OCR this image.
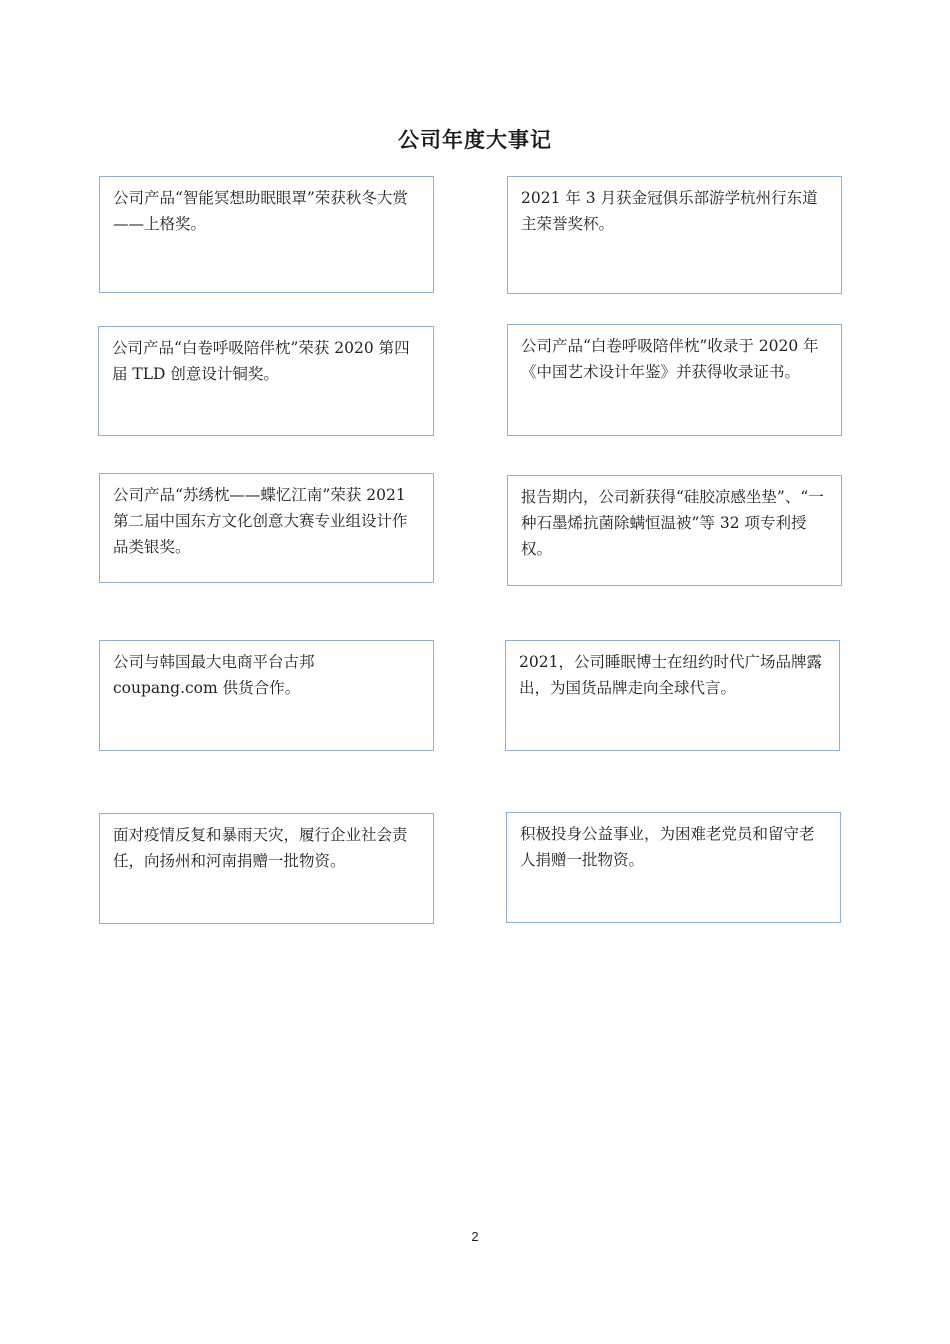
公司年度大事记
公司产品“智能冥想助眠眼罩”荣获秋冬大赏——上格奖。
2021 年 3 月获金冠俱乐部游学杭州行东道主荣誉奖杯。
公司产品“白卷呼吸陪伴枕”荣获 2020 第四届 TLD 创意设计铜奖。
公司产品“白卷呼吸陪伴枕”收录于 2020 年《中国艺术设计年鉴》并获得收录证书。
公司产品“苏绣枕——蝶忆江南”荣获 2021 第二届中国东方文化创意大赛专业组设计作品类银奖。
报告期内，公司新获得“硅胶凉感坐垫”、“一种石墨烯抗菌除螨恒温被”等 32 项专利授权。
公司与韩国最大电商平台古邦 coupang.com 供货合作。
2021，公司睡眠博士在纽约时代广场品牌露出，为国货品牌走向全球代言。
面对疫情反复和暴雨天灾，履行企业社会责任，向扬州和河南捐赠一批物资。
积极投身公益事业，为困难老党员和留守老人捐赠一批物资。
2
